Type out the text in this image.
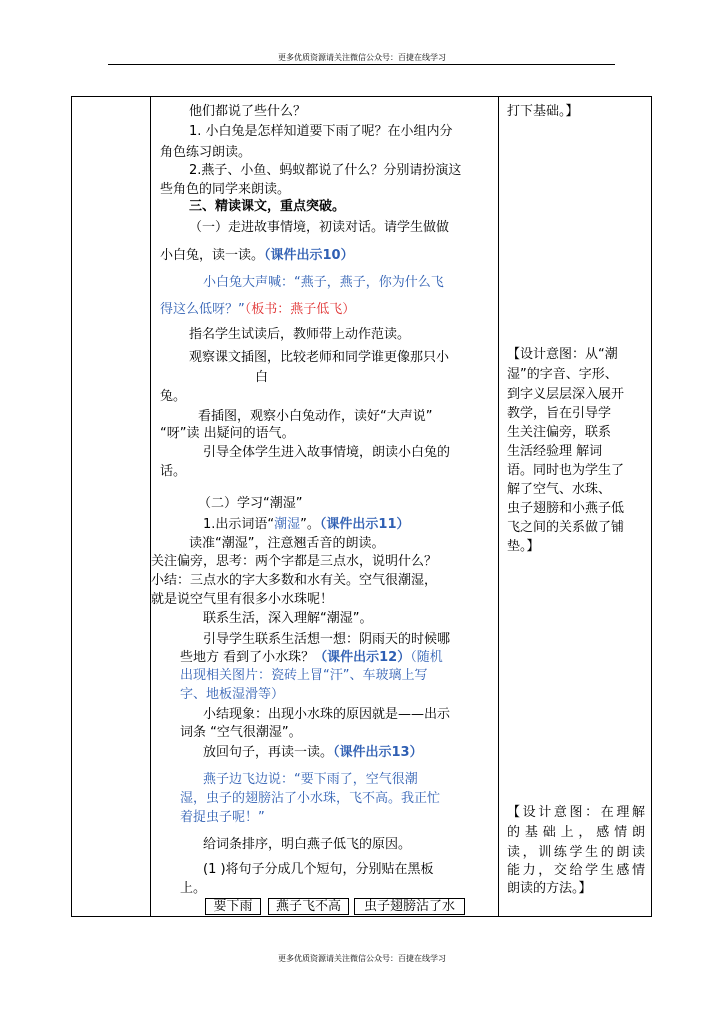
更多优质资源请关注微信公众号：百捷在线学习
他们都说了些什么？
1. 小白兔是怎样知道要下雨了呢？在小组内分
角色练习朗读。
2.燕子、小鱼、蚂蚁都说了什么？分别请扮演这
些角色的同学来朗读。
三、精读课文，重点突破。
（一）走进故事情境，初读对话。请学生做做
小白兔，读一读。（课件出示10）
小白兔大声喊：“燕子，燕子，你为什么飞
得这么低呀？”（板书：燕子低飞）
指名学生试读后，教师带上动作范读。
观察课文插图，比较老师和同学谁更像那只小
白
兔。
看插图，观察小白兔动作，读好“大声说”
“呀”读 出疑问的语气。
引导全体学生进入故事情境，朗读小白兔的
话。
（二）学习“潮湿”
1.出示词语“潮湿”。（课件出示11）
读准“潮湿”，注意翘舌音的朗读。
关注偏旁，思考：两个字都是三点水，说明什么？
小结：三点水的字大多数和水有关。空气很潮湿，
就是说空气里有很多小水珠呢！
联系生活，深入理解“潮湿”。
引导学生联系生活想一想：阴雨天的时候哪
些地方 看到了小水珠？（课件出示12）（随机
出现相关图片：瓷砖上冒“汗”、车玻璃上写
字、地板湿滑等）
小结现象：出现小水珠的原因就是——出示
词条 “空气很潮湿”。
放回句子，再读一读。（课件出示13）
燕子边飞边说：“要下雨了，空气很潮
湿，虫子的翅膀沾了小水珠，飞不高。我正忙
着捉虫子呢！”
给词条排序，明白燕子低飞的原因。
(1 )将句子分成几个短句，分别贴在黑板
上。
要下雨	燕子飞不高	虫子翅膀沾了水
打下基础。】
【设计意图：从“潮
湿”的字音、字形、
到字义层层深入展开
教学，旨在引导学
生关注偏旁，联系
生活经验理 解词
语。同时也为学生了
解了空气、水珠、
虫子翅膀和小燕子低
飞之间的关系做了铺
垫。】
【设计意图：在理解
的基础上，感情朗
读，训练学生的朗读
能力，交给学生感情
朗读的方法。】
更多优质资源请关注微信公众号：百捷在线学习
